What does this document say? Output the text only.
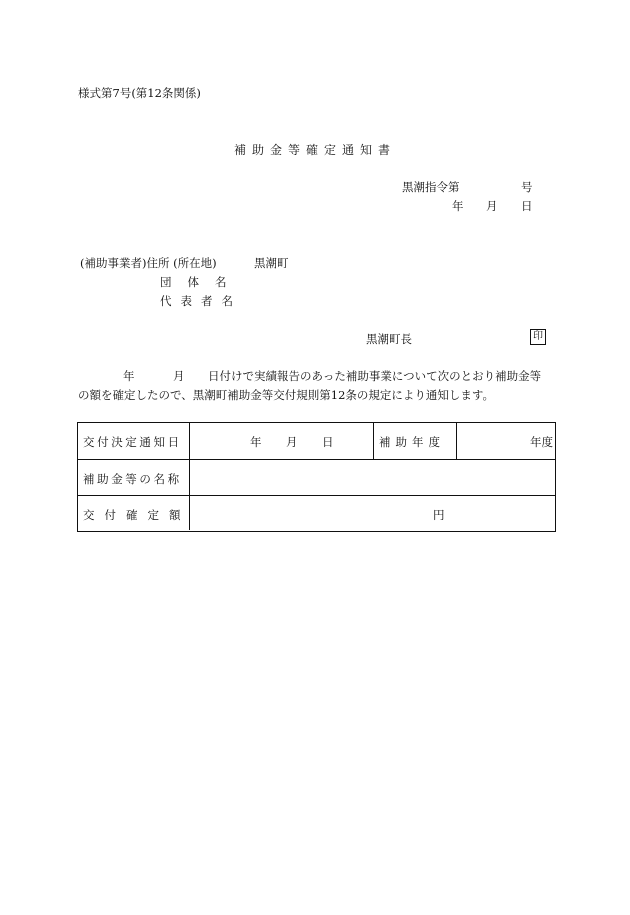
様式第7号(第12条関係)
補助金等確定通知書
黒潮指令第	号
年 月 日
(補助事業者)住所 (所在地)	黒潮町
団体名
代表者名
黒潮町長	印
年	月 日付けで実績報告のあった補助事業について次のとおり補助金等
の額を確定したので、黒潮町補助金等交付規則第12条の規定により通知します。
交付決定通知日	年 月 日	補助年度	年度
補助金等の名称
交付確定額	円
